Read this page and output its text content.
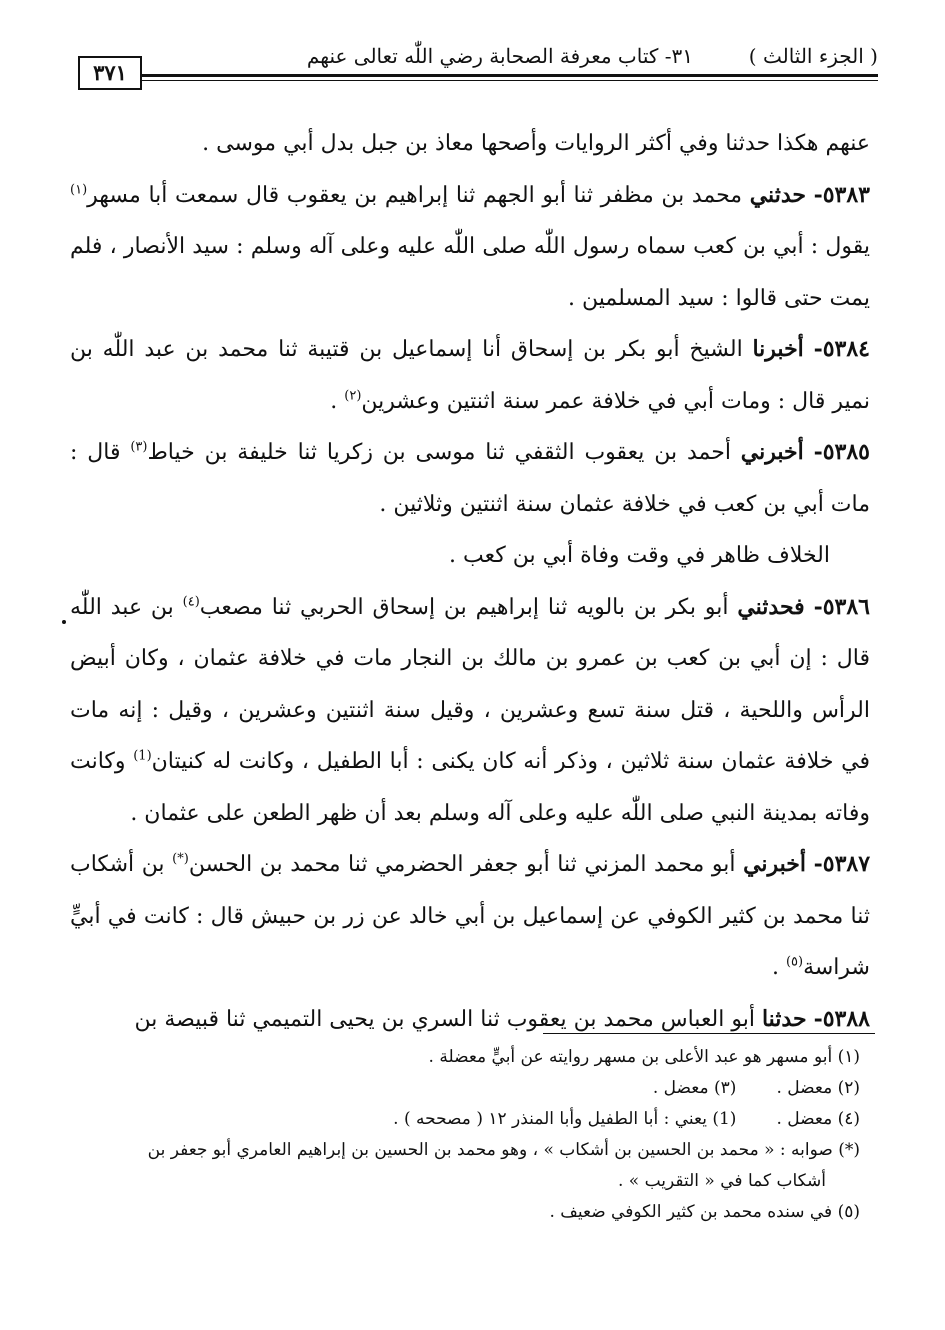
٣٧١
٣١- كتاب معرفة الصحابة رضي اللّٰه تعالى عنهم	( الجزء الثالث )

عنهم هكذا حدثنا وفي أكثر الروايات وأصحها معاذ بن جبل بدل أبي موسى .

٥٣٨٣- حدثني محمد بن مظفر ثنا أبو الجهم ثنا إبراهيم بن يعقوب قال سمعت أبا مسهر$^{(١)}$ يقول : أبي بن كعب سماه رسول اللّٰه صلى اللّٰه عليه وعلى آله وسلم : سيد الأنصار ، فلم يمت حتى قالوا : سيد المسلمين .

٥٣٨٤- أخبرنا الشيخ أبو بكر بن إسحاق أنا إسماعيل بن قتيبة ثنا محمد بن عبد اللّٰه بن نمير قال : ومات أبي في خلافة عمر سنة اثنتين وعشرين$^{(٢)}$ .

٥٣٨٥- أخبرني أحمد بن يعقوب الثقفي ثنا موسى بن زكريا ثنا خليفة بن خياط$^{(٣)}$ قال : مات أبي بن كعب في خلافة عثمان سنة اثنتين وثلاثين .

الخلاف ظاهر في وقت وفاة أبي بن كعب .

٥٣٨٦- فحدثني أبو بكر بن بالويه ثنا إبراهيم بن إسحاق الحربي ثنا مصعب$^{(٤)}$ بن عبد اللّٰه قال : إن أبي بن كعب بن عمرو بن مالك بن النجار مات في خلافة عثمان ، وكان أبيض الرأس واللحية ، قتل سنة تسع وعشرين ، وقيل سنة اثنتين وعشرين ، وقيل : إنه مات في خلافة عثمان سنة ثلاثين ، وذكر أنه كان يكنى : أبا الطفيل ، وكانت له كنيتان$^{(1)}$ وكانت وفاته بمدينة النبي صلى اللّٰه عليه وعلى آله وسلم بعد أن ظهر الطعن على عثمان .

٥٣٨٧- أخبرني أبو محمد المزني ثنا أبو جعفر الحضرمي ثنا محمد بن الحسن(*) بن أشكاب ثنا محمد بن كثير الكوفي عن إسماعيل بن أبي خالد عن زر بن حبيش قال : كانت في أبيٍّ شراسة$^{(٥)}$ .

٥٣٨٨- حدثنا أبو العباس محمد بن يعقوب ثنا السري بن يحيى التميمي ثنا قبيصة بن

(١) أبو مسهر هو عبد الأعلى بن مسهر روايته عن أبيٍّ معضلة .

(٢) معضل .
(٣) معضل .
(٤) معضل .
(1) يعني : أبا الطفيل وأبا المنذر ١٢ ( مصححه ) .

(*) صوابه : « محمد بن الحسين بن أشكاب » ، وهو محمد بن الحسين بن إبراهيم العامري أبو جعفر بن

أشكاب كما في « التقريب » .

(٥) في سنده محمد بن كثير الكوفي ضعيف .
